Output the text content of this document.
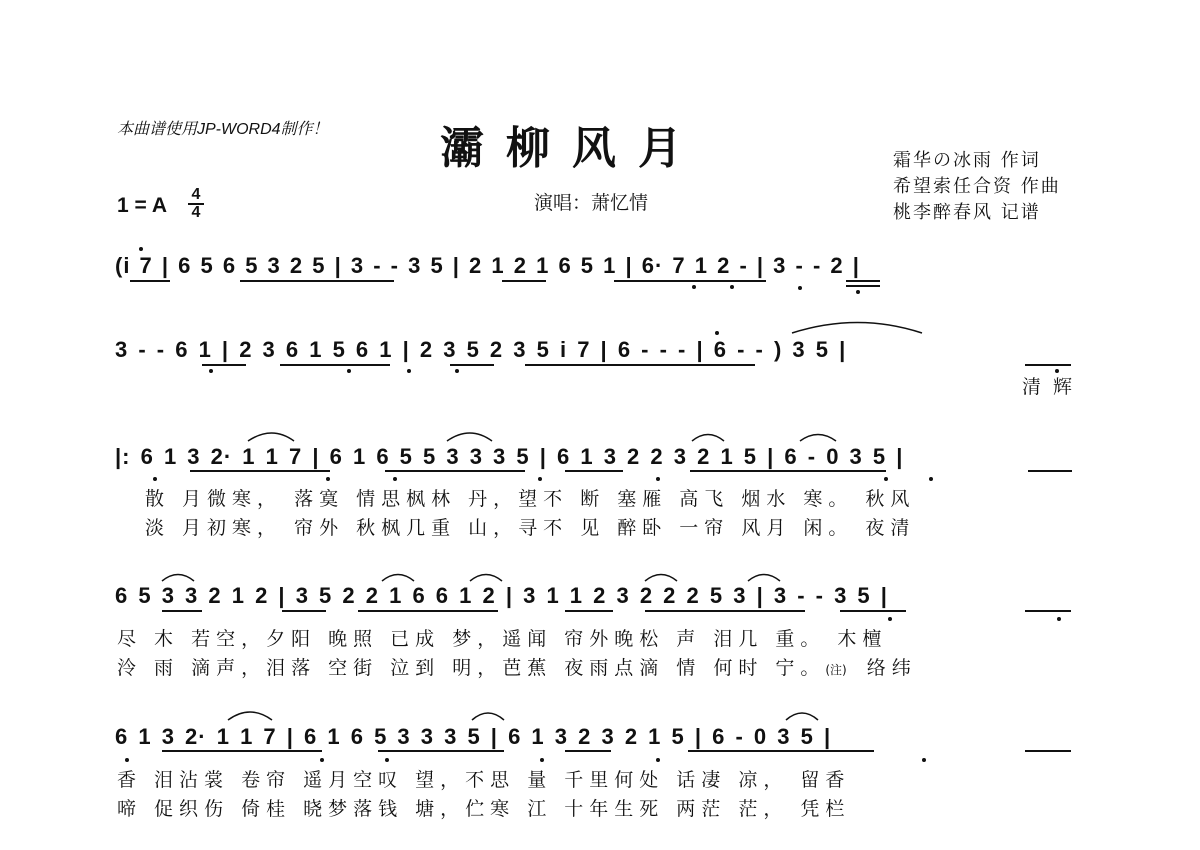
本曲谱使用JP-WORD4制作！	灞柳风月
1 = A	4
4	演唱：萧忆情
霜华の冰雨 作词
希望索任合资 作曲
桃李醉春风 记谱
(i 7 | 6 5 6 5 3 2 5 | 3 - - 3 5 | 2 1 2 1 6 5 1 | 6· 7 1 2 - | 3 - - 2 |
3 - - 6 1 | 2 3 6 1 5 6 1 | 2 3 5 2 3 5 i 7 | 6 - - - | 6 - - ) 3 5 |
清辉
|: 6 1 3 2· 1 1 7 | 6 1 6 5 5 3 3 3 5 | 6 1 3 2 2 3 2 1 5 | 6 - 0 3 5 |
散 月微寒， 落寞 情思枫林 丹，望不 断 塞雁 高飞 烟水 寒。 秋风
淡 月初寒， 帘外 秋枫几重 山，寻不 见 醉卧 一帘 风月 闲。 夜清
6 5 3 3 2 1 2 | 3 5 2 2 1 6 6 1 2 | 3 1 1 2 3 2 2 2 5 3 | 3 - - 3 5 |
尽 木 若空，夕阳 晚照 已成 梦，遥闻 帘外晚松 声 泪几 重。 木檀
泠 雨 滴声，泪落 空街 泣到 明，芭蕉 夜雨点滴 情 何时 宁。(注) 络纬
6 1 3 2· 1 1 7 | 6 1 6 5 3 3 3 5 | 6 1 3 2 3 2 1 5 | 6 - 0 3 5 |
香 泪沾裳 卷帘 遥月空叹 望，不思 量 千里何处 话凄 凉， 留香
啼 促织伤 倚桂 晓梦落钱 塘，伫寒 江 十年生死 两茫 茫， 凭栏
